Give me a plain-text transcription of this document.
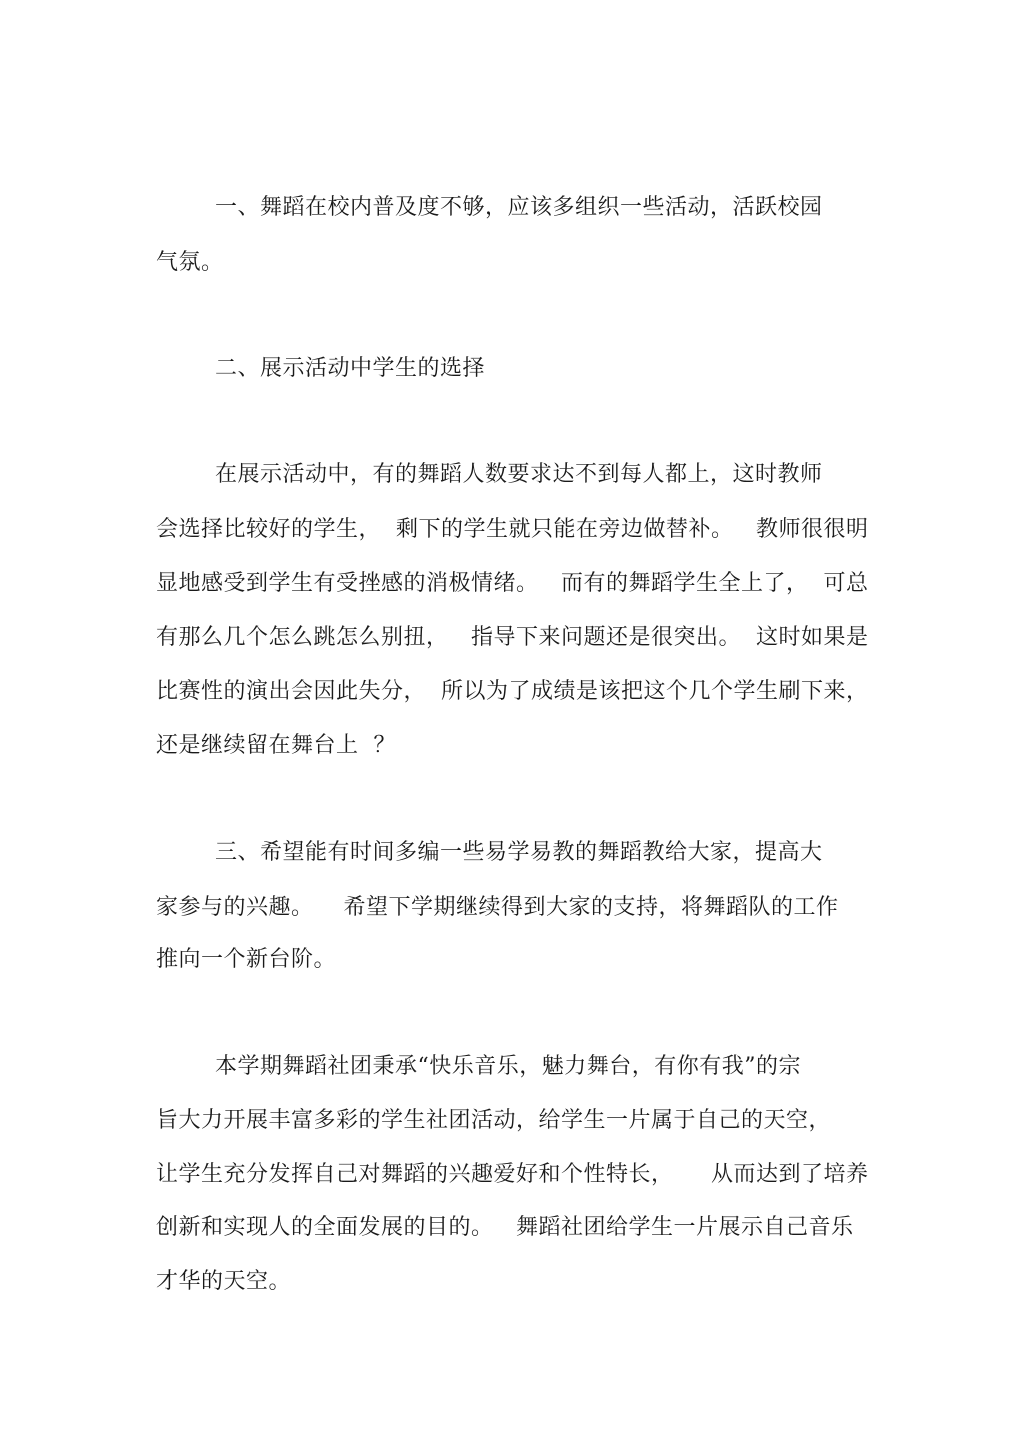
一、舞蹈在校内普及度不够，应该多组织一些活动，活跃校园
气氛。
二、展示活动中学生的选择
在展示活动中，有的舞蹈人数要求达不到每人都上，这时教师
会选择比较好的学生，  剩下的学生就只能在旁边做替补。   教师很很明
显地感受到学生有受挫感的消极情绪。   而有的舞蹈学生全上了，  可总
有那么几个怎么跳怎么别扭，   指导下来问题还是很突出。  这时如果是
比赛性的演出会因此失分，  所以为了成绩是该把这个几个学生刷下来，
还是继续留在舞台上  ？
三、希望能有时间多编一些易学易教的舞蹈教给大家，提高大
家参与的兴趣。    希望下学期继续得到大家的支持，将舞蹈队的工作
推向一个新台阶。
本学期舞蹈社团秉承“快乐音乐，魅力舞台，有你有我”的宗
旨大力开展丰富多彩的学生社团活动，给学生一片属于自己的天空，
让学生充分发挥自己对舞蹈的兴趣爱好和个性特长，     从而达到了培养
创新和实现人的全面发展的目的。   舞蹈社团给学生一片展示自己音乐
才华的天空。
